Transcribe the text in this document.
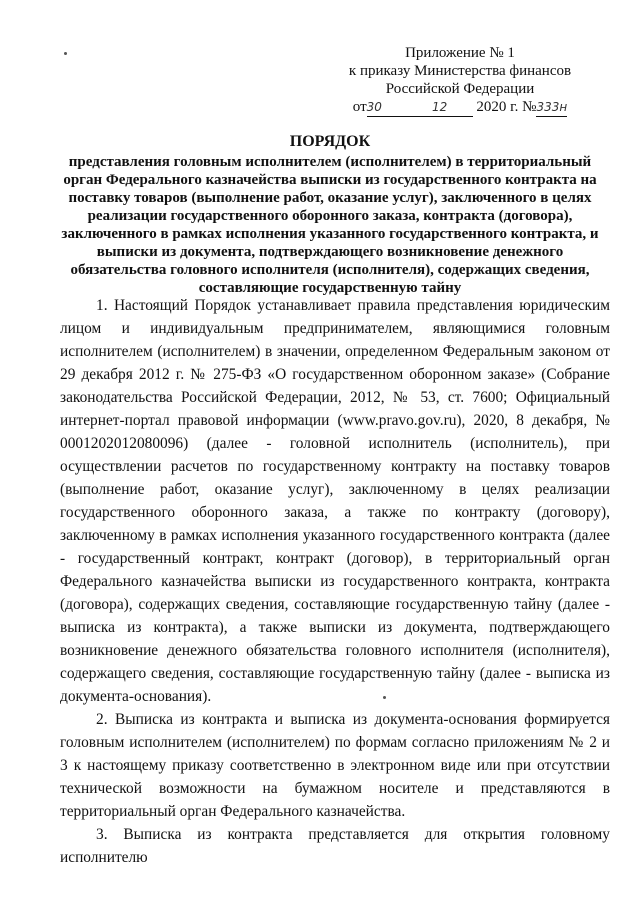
Приложение № 1
к приказу Министерства финансов
Российской Федерации
от30	12 2020 г. №333н
ПОРЯДОК
представления головным исполнителем (исполнителем) в территориальный орган Федерального казначейства выписки из государственного контракта на поставку товаров (выполнение работ, оказание услуг), заключенного в целях реализации государственного оборонного заказа, контракта (договора), заключенного в рамках исполнения указанного государственного контракта, и выписки из документа, подтверждающего возникновение денежного обязательства головного исполнителя (исполнителя), содержащих сведения, составляющие государственную тайну

1. Настоящий Порядок устанавливает правила представления юридическим лицом и индивидуальным предпринимателем, являющимися головным исполнителем (исполнителем) в значении, определенном Федеральным законом от 29 декабря 2012 г. № 275-ФЗ «О государственном оборонном заказе» (Собрание законодательства Российской Федерации, 2012, № 53, ст. 7600; Официальный интернет-портал правовой информации (www.pravo.gov.ru), 2020, 8 декабря, № 0001202012080096) (далее - головной исполнитель (исполнитель), при осуществлении расчетов по государственному контракту на поставку товаров (выполнение работ, оказание услуг), заключенному в целях реализации государственного оборонного заказа, а также по контракту (договору), заключенному в рамках исполнения указанного государственного контракта (далее - государственный контракт, контракт (договор), в территориальный орган Федерального казначейства выписки из государственного контракта, контракта (договора), содержащих сведения, составляющие государственную тайну (далее - выписка из контракта), а также выписки из документа, подтверждающего возникновение денежного обязательства головного исполнителя (исполнителя), содержащего сведения, составляющие государственную тайну (далее - выписка из документа-основания).

2. Выписка из контракта и выписка из документа-основания формируется головным исполнителем (исполнителем) по формам согласно приложениям № 2 и 3 к настоящему приказу соответственно в электронном виде или при отсутствии технической возможности на бумажном носителе и представляются в территориальный орган Федерального казначейства.

3. Выписка из контракта представляется для открытия головному исполнителю
